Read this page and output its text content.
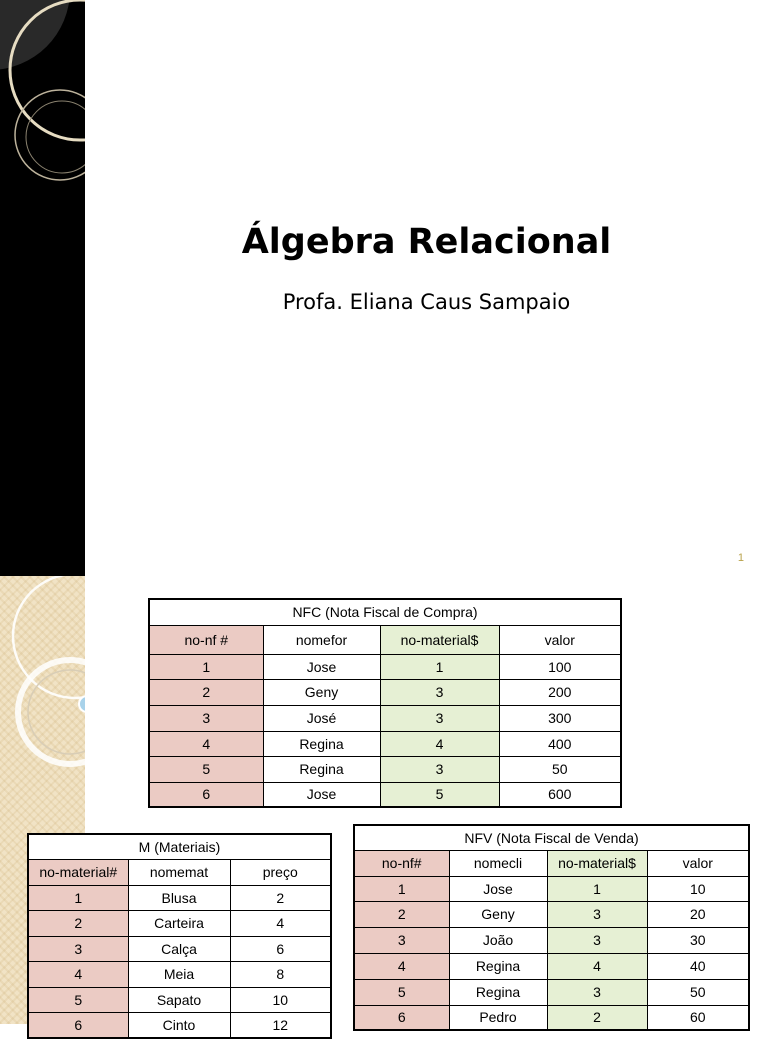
Álgebra Relacional
Profa. Eliana Caus Sampaio
1
NFC (Nota Fiscal de Compra)			
no-nf #	nomefor	no-material$	valor
1	Jose	1	100
2	Geny	3	200
3	José	3	300
4	Regina	4	400
5	Regina	3	50
6	Jose	5	600
M (Materiais)		
no-material#	nomemat	preço
1	Blusa	2
2	Carteira	4
3	Calça	6
4	Meia	8
5	Sapato	10
6	Cinto	12
NFV (Nota Fiscal de Venda)			
no-nf#	nomecli	no-material$	valor
1	Jose	1	10
2	Geny	3	20
3	João	3	30
4	Regina	4	40
5	Regina	3	50
6	Pedro	2	60
